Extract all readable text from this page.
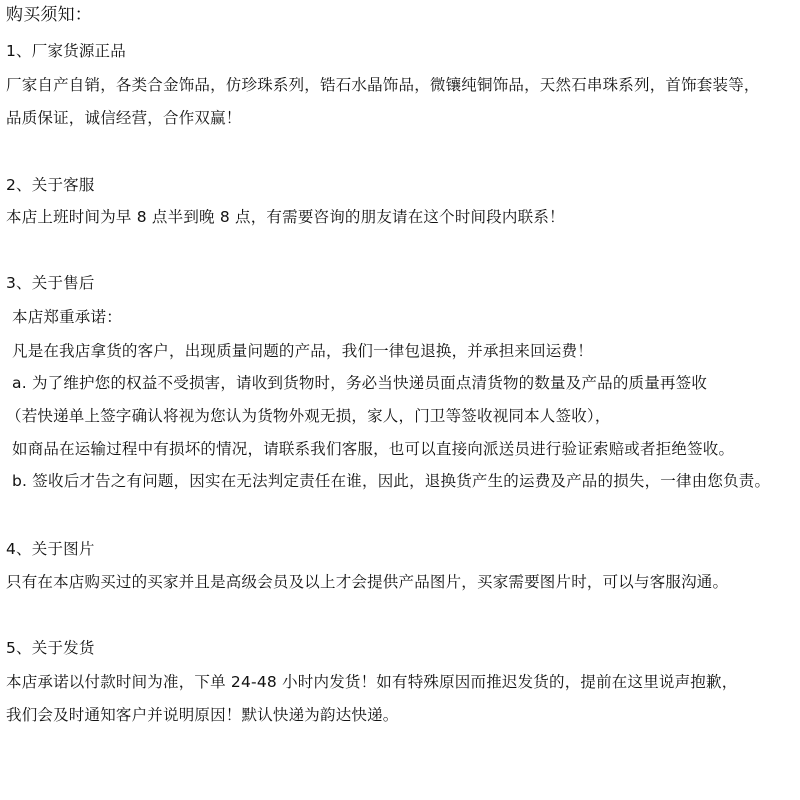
购买须知：
1、厂家货源正品
厂家自产自销，各类合金饰品，仿珍珠系列，锆石水晶饰品，微镶纯铜饰品，天然石串珠系列，首饰套装等，
品质保证，诚信经营，合作双赢！
2、关于客服
本店上班时间为早 8 点半到晚 8 点，有需要咨询的朋友请在这个时间段内联系！
3、关于售后
本店郑重承诺：
凡是在我店拿货的客户，出现质量问题的产品，我们一律包退换，并承担来回运费！
a. 为了维护您的权益不受损害，请收到货物时，务必当快递员面点清货物的数量及产品的质量再签收
（若快递单上签字确认将视为您认为货物外观无损，家人，门卫等签收视同本人签收），
如商品在运输过程中有损坏的情况，请联系我们客服，也可以直接向派送员进行验证索赔或者拒绝签收。
b. 签收后才告之有问题，因实在无法判定责任在谁，因此，退换货产生的运费及产品的损失，一律由您负责。
4、关于图片
只有在本店购买过的买家并且是高级会员及以上才会提供产品图片，买家需要图片时，可以与客服沟通。
5、关于发货
本店承诺以付款时间为准，下单 24-48 小时内发货！如有特殊原因而推迟发货的，提前在这里说声抱歉，
我们会及时通知客户并说明原因！默认快递为韵达快递。
